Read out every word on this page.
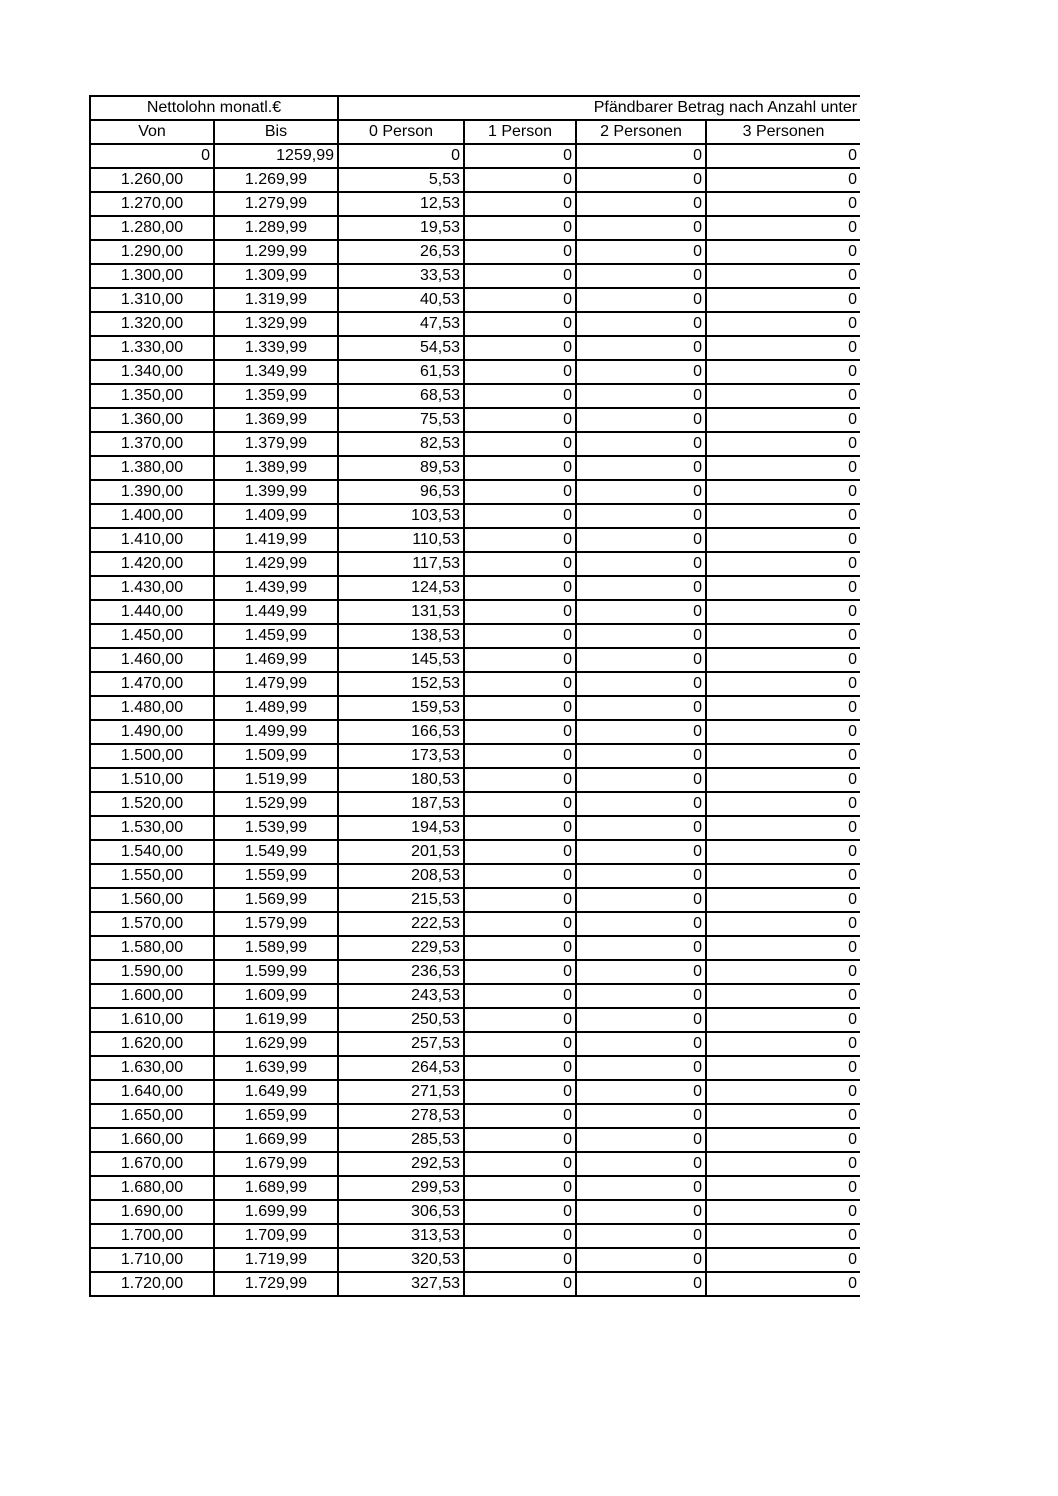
Nettolohn monatl.€		Pfändbarer Betrag nach Anzahl unter			
Von	Bis	0 Person	1 Person	2 Personen	3 Personen
0	1259,99	0	0	0	0
1.260,00	1.269,99	5,53	0	0	0
1.270,00	1.279,99	12,53	0	0	0
1.280,00	1.289,99	19,53	0	0	0
1.290,00	1.299,99	26,53	0	0	0
1.300,00	1.309,99	33,53	0	0	0
1.310,00	1.319,99	40,53	0	0	0
1.320,00	1.329,99	47,53	0	0	0
1.330,00	1.339,99	54,53	0	0	0
1.340,00	1.349,99	61,53	0	0	0
1.350,00	1.359,99	68,53	0	0	0
1.360,00	1.369,99	75,53	0	0	0
1.370,00	1.379,99	82,53	0	0	0
1.380,00	1.389,99	89,53	0	0	0
1.390,00	1.399,99	96,53	0	0	0
1.400,00	1.409,99	103,53	0	0	0
1.410,00	1.419,99	110,53	0	0	0
1.420,00	1.429,99	117,53	0	0	0
1.430,00	1.439,99	124,53	0	0	0
1.440,00	1.449,99	131,53	0	0	0
1.450,00	1.459,99	138,53	0	0	0
1.460,00	1.469,99	145,53	0	0	0
1.470,00	1.479,99	152,53	0	0	0
1.480,00	1.489,99	159,53	0	0	0
1.490,00	1.499,99	166,53	0	0	0
1.500,00	1.509,99	173,53	0	0	0
1.510,00	1.519,99	180,53	0	0	0
1.520,00	1.529,99	187,53	0	0	0
1.530,00	1.539,99	194,53	0	0	0
1.540,00	1.549,99	201,53	0	0	0
1.550,00	1.559,99	208,53	0	0	0
1.560,00	1.569,99	215,53	0	0	0
1.570,00	1.579,99	222,53	0	0	0
1.580,00	1.589,99	229,53	0	0	0
1.590,00	1.599,99	236,53	0	0	0
1.600,00	1.609,99	243,53	0	0	0
1.610,00	1.619,99	250,53	0	0	0
1.620,00	1.629,99	257,53	0	0	0
1.630,00	1.639,99	264,53	0	0	0
1.640,00	1.649,99	271,53	0	0	0
1.650,00	1.659,99	278,53	0	0	0
1.660,00	1.669,99	285,53	0	0	0
1.670,00	1.679,99	292,53	0	0	0
1.680,00	1.689,99	299,53	0	0	0
1.690,00	1.699,99	306,53	0	0	0
1.700,00	1.709,99	313,53	0	0	0
1.710,00	1.719,99	320,53	0	0	0
1.720,00	1.729,99	327,53	0	0	0
